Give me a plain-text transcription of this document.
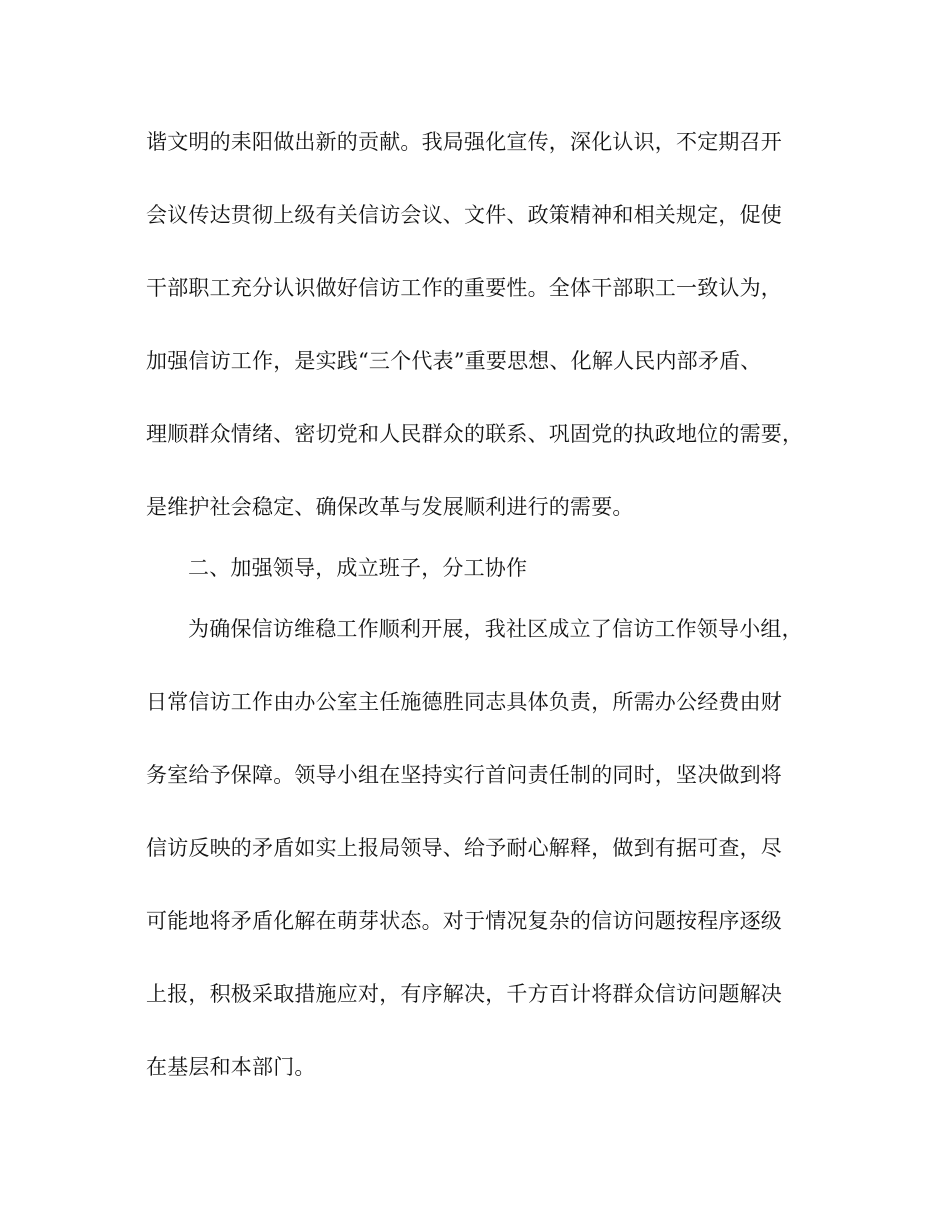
谐文明的耒阳做出新的贡献。我局强化宣传，深化认识，不定期召开
会议传达贯彻上级有关信访会议、文件、政策精神和相关规定，促使
干部职工充分认识做好信访工作的重要性。全体干部职工一致认为，
加强信访工作，是实践“三个代表”重要思想、化解人民内部矛盾、
理顺群众情绪、密切党和人民群众的联系、巩固党的执政地位的需要，
是维护社会稳定、确保改革与发展顺利进行的需要。
二、加强领导，成立班子，分工协作
为确保信访维稳工作顺利开展，我社区成立了信访工作领导小组，
日常信访工作由办公室主任施德胜同志具体负责，所需办公经费由财
务室给予保障。领导小组在坚持实行首问责任制的同时，坚决做到将
信访反映的矛盾如实上报局领导、给予耐心解释，做到有据可查，尽
可能地将矛盾化解在萌芽状态。对于情况复杂的信访问题按程序逐级
上报，积极采取措施应对，有序解决，千方百计将群众信访问题解决
在基层和本部门。
